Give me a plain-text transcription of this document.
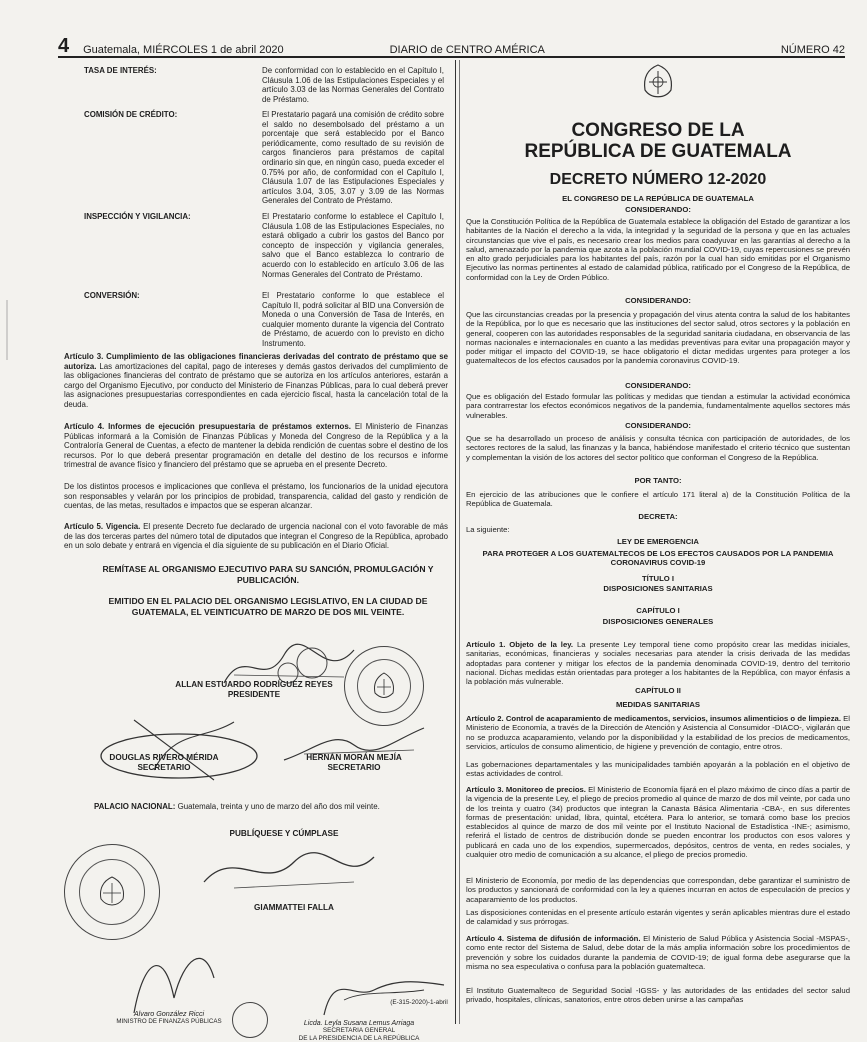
4 Guatemala, MIÉRCOLES 1 de abril 2020	DIARIO de CENTRO AMÉRICA	NÚMERO 42
TASA DE INTERÉS:	De conformidad con lo establecido en el Capítulo I, Cláusula 1.06 de las Estipulaciones Especiales y el artículo 3.03 de las Normas Generales del Contrato de Préstamo.
COMISIÓN DE CRÉDITO:	El Prestatario pagará una comisión de crédito sobre el saldo no desembolsado del préstamo a un porcentaje que será establecido por el Banco periódicamente, como resultado de su revisión de cargos financieros para préstamos de capital ordinario sin que, en ningún caso, pueda exceder el 0.75% por año, de conformidad con el Capítulo I, Cláusula 1.07 de las Estipulaciones Especiales y artículos 3.04, 3.05, 3.07 y 3.09 de las Normas Generales del Contrato de Préstamo.
INSPECCIÓN Y VIGILANCIA:	El Prestatario conforme lo establece el Capítulo I, Cláusula 1.08 de las Estipulaciones Especiales, no estará obligado a cubrir los gastos del Banco por concepto de inspección y vigilancia generales, salvo que el Banco establezca lo contrario de acuerdo con lo establecido en artículo 3.06 de las Normas Generales del Contrato de Préstamo.
CONVERSIÓN:	El Prestatario conforme lo que establece el Capítulo II, podrá solicitar al BID una Conversión de Moneda o una Conversión de Tasa de Interés, en cualquier momento durante la vigencia del Contrato de Préstamo, de acuerdo con lo previsto en dicho Instrumento.
Artículo 3. Cumplimiento de las obligaciones financieras derivadas del contrato de préstamo que se autoriza. Las amortizaciones del capital, pago de intereses y demás gastos derivados del cumplimiento de las obligaciones financieras del contrato de préstamo que se autoriza en los artículos anteriores, estarán a cargo del Organismo Ejecutivo, por conducto del Ministerio de Finanzas Públicas, para lo cual deberá prever las asignaciones presupuestarias correspondientes en cada ejercicio fiscal, hasta la cancelación total de la deuda.
Artículo 4. Informes de ejecución presupuestaria de préstamos externos. El Ministerio de Finanzas Públicas informará a la Comisión de Finanzas Públicas y Moneda del Congreso de la República y a la Contraloría General de Cuentas, a efecto de mantener la debida rendición de cuentas sobre el destino de los recursos. Por lo que deberá presentar programación en detalle del destino de los recursos e informe trimestral de avance físico y financiero del préstamo que se aprueba en el presente Decreto.
De los distintos procesos e implicaciones que conlleva el préstamo, los funcionarios de la unidad ejecutora son responsables y velarán por los principios de probidad, transparencia, calidad del gasto y rendición de cuentas, de las metas, resultados e impactos que se esperan alcanzar.
Artículo 5. Vigencia. El presente Decreto fue declarado de urgencia nacional con el voto favorable de más de las dos terceras partes del número total de diputados que integran el Congreso de la República, aprobado en un solo debate y entrará en vigencia el día siguiente de su publicación en el Diario Oficial.
REMÍTASE AL ORGANISMO EJECUTIVO PARA SU SANCIÓN, PROMULGACIÓN Y PUBLICACIÓN.
EMITIDO EN EL PALACIO DEL ORGANISMO LEGISLATIVO, EN LA CIUDAD DE GUATEMALA, EL VEINTICUATRO DE MARZO DE DOS MIL VEINTE.
ALLAN ESTUARDO RODRÍGUEZ REYES
PRESIDENTE
DOUGLAS RIVERO MÉRIDA
SECRETARIO
HERNÁN MORÁN MEJÍA
SECRETARIO
PALACIO NACIONAL: Guatemala, treinta y uno de marzo del año dos mil veinte.
PUBLÍQUESE Y CÚMPLASE
GIAMMATTEI FALLA
Alvaro González Ricci
MINISTRO DE FINANZAS PÚBLICAS	Licda. Leyla Susana Lemus Arriaga
SECRETARIA GENERAL
DE LA PRESIDENCIA DE LA REPÚBLICA
(E-315-2020)-1-abril
CONGRESO DE LA
REPÚBLICA DE GUATEMALA
DECRETO NÚMERO 12-2020
EL CONGRESO DE LA REPÚBLICA DE GUATEMALA
CONSIDERANDO:
Que la Constitución Política de la República de Guatemala establece la obligación del Estado de garantizar a los habitantes de la Nación el derecho a la vida, la integridad y la seguridad de la persona y que en las actuales circunstancias que vive el país, es necesario crear los medios para coadyuvar en las garantías al derecho a la salud, amenazado por la pandemia que azota a la población mundial COVID-19, cuyas repercusiones se prevén en alto grado perjudiciales para los habitantes del país, razón por la cual han sido emitidas por el Organismo Ejecutivo las normas pertinentes al estado de calamidad pública, ratificado por el Congreso de la República, de conformidad con la Ley de Orden Público.
CONSIDERANDO:
Que las circunstancias creadas por la presencia y propagación del virus atenta contra la salud de los habitantes de la República, por lo que es necesario que las instituciones del sector salud, otros sectores y la población en general, cooperen con las autoridades responsables de la seguridad sanitaria ciudadana, en observancia de las normas nacionales e internacionales en cuanto a las medidas preventivas para evitar una propagación mayor y poder mitigar el impacto del COVID-19, se hace obligatorio el dictar medidas urgentes para proteger a los guatemaltecos de los efectos causados por la pandemia coronavirus COVID-19.
CONSIDERANDO:
Que es obligación del Estado formular las políticas y medidas que tiendan a estimular la actividad económica para contrarrestar los efectos económicos negativos de la pandemia, fundamentalmente aquellos sectores más vulnerables.
CONSIDERANDO:
Que se ha desarrollado un proceso de análisis y consulta técnica con participación de autoridades, de los sectores rectores de la salud, las finanzas y la banca, habiéndose manifestado el criterio técnico que sustentan y complementan la visión de los actores del sector político que conforman el Congreso de la República.
POR TANTO:
En ejercicio de las atribuciones que le confiere el artículo 171 literal a) de la Constitución Política de la República de Guatemala.
DECRETA:
La siguiente:
LEY DE EMERGENCIA
PARA PROTEGER A LOS GUATEMALTECOS DE LOS EFECTOS CAUSADOS POR LA PANDEMIA CORONAVIRUS COVID-19
TÍTULO I
DISPOSICIONES SANITARIAS
CAPÍTULO I
DISPOSICIONES GENERALES
Artículo 1. Objeto de la ley. La presente Ley temporal tiene como propósito crear las medidas iniciales, sanitarias, económicas, financieras y sociales necesarias para atender la crisis derivada de las medidas adoptadas para contener y mitigar los efectos de la pandemia denominada COVID-19, dentro del territorio nacional. Dichas medidas están orientadas para proteger a los habitantes de la República, con mayor énfasis a la población más vulnerable.
CAPÍTULO II
MEDIDAS SANITARIAS
Artículo 2. Control de acaparamiento de medicamentos, servicios, insumos alimenticios o de limpieza. El Ministerio de Economía, a través de la Dirección de Atención y Asistencia al Consumidor -DIACO-, vigilarán que no se produzca acaparamiento, velando por la disponibilidad y la estabilidad de los precios de medicamentos, servicios, artículos de consumo alimenticio, de higiene y prevención de contagio, entre otros.
Las gobernaciones departamentales y las municipalidades también apoyarán a la población en el objetivo de estas actividades de control.
Artículo 3. Monitoreo de precios. El Ministerio de Economía fijará en el plazo máximo de cinco días a partir de la vigencia de la presente Ley, el pliego de precios promedio al quince de marzo de dos mil veinte, por cada uno de los treinta y cuatro (34) productos que integran la Canasta Básica Alimentaria -CBA-, en sus diferentes formas de presentación: unidad, libra, quintal, etcétera. Para lo anterior, se tomará como base los precios establecidos al quince de marzo de dos mil veinte por el Instituto Nacional de Estadística -INE-; asimismo, referirá el listado de centros de distribución donde se pueden encontrar los productos con esos valores y publicará en cada uno de los expendios, supermercados, depósitos, centros de venta, en redes sociales, y cualquier otro medio de comunicación a su alcance, el pliego de precios promedio.
El Ministerio de Economía, por medio de las dependencias que correspondan, debe garantizar el suministro de los productos y sancionará de conformidad con la ley a quienes incurran en actos de especulación de precios y acaparamiento de los productos.
Las disposiciones contenidas en el presente artículo estarán vigentes y serán aplicables mientras dure el estado de calamidad y sus prórrogas.
Artículo 4. Sistema de difusión de información. El Ministerio de Salud Pública y Asistencia Social -MSPAS-, como ente rector del Sistema de Salud, debe dotar de la más amplia información sobre los procedimientos de prevención y sobre los cuidados durante la pandemia de COVID-19; de igual forma debe asegurarse que la misma no sea especulativa o confusa para la población guatemalteca.
El Instituto Guatemalteco de Seguridad Social -IGSS- y las autoridades de las entidades del sector salud privado, hospitales, clínicas, sanatorios, entre otros deben unirse a las campañas
